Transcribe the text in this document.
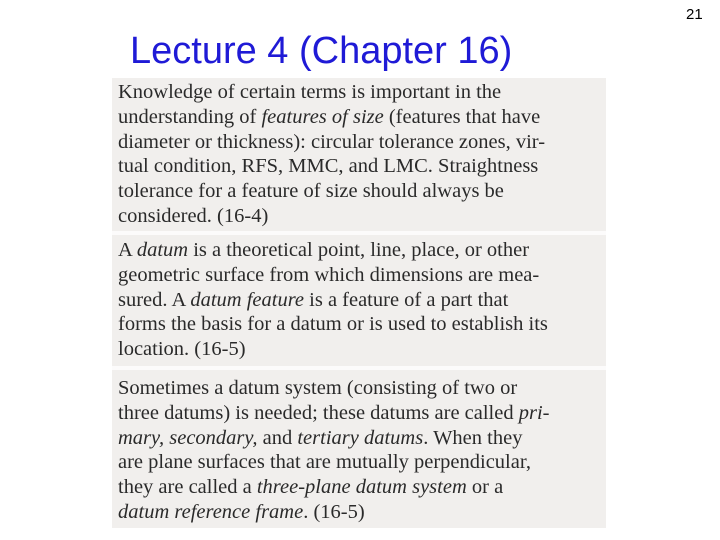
21
Lecture 4 (Chapter 16)
Knowledge of certain terms is important in the
understanding of features of size (features that have
diameter or thickness): circular tolerance zones, vir-
tual condition, RFS, MMC, and LMC. Straightness
tolerance for a feature of size should always be
considered. (16-4)
A datum is a theoretical point, line, place, or other
geometric surface from which dimensions are mea-
sured. A datum feature is a feature of a part that
forms the basis for a datum or is used to establish its
location. (16-5)
Sometimes a datum system (consisting of two or
three datums) is needed; these datums are called pri-
mary, secondary, and tertiary datums. When they
are plane surfaces that are mutually perpendicular,
they are called a three-plane datum system or a
datum reference frame. (16-5)
